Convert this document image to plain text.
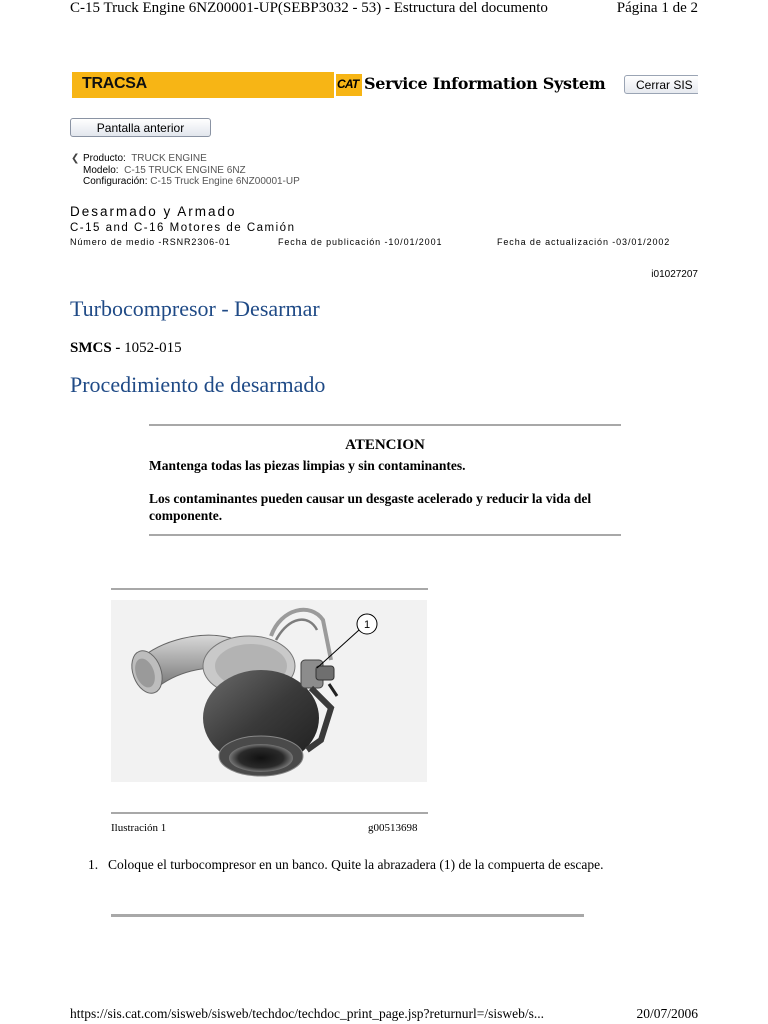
C-15 Truck Engine 6NZ00001-UP(SEBP3032 - 53) - Estructura del documento	Página 1 de 2
TRACSA	CAT Service Information System	Cerrar SIS
Pantalla anterior
❮ Producto: TRUCK ENGINE
Modelo: C-15 TRUCK ENGINE 6NZ
Configuración: C-15 Truck Engine 6NZ00001-UP
Desarmado y Armado
C-15 and C-16 Motores de Camión
Número de medio -RSNR2306-01	Fecha de publicación -10/01/2001	Fecha de actualización -03/01/2002
i01027207
Turbocompresor - Desarmar
SMCS - 1052-015
Procedimiento de desarmado
ATENCION
Mantenga todas las piezas limpias y sin contaminantes.
Los contaminantes pueden causar un desgaste acelerado y reducir la vida del componente.
1
Ilustración 1	g00513698
1. Coloque el turbocompresor en un banco. Quite la abrazadera (1) de la compuerta de escape.
https://sis.cat.com/sisweb/sisweb/techdoc/techdoc_print_page.jsp?returnurl=/sisweb/s...	20/07/2006
